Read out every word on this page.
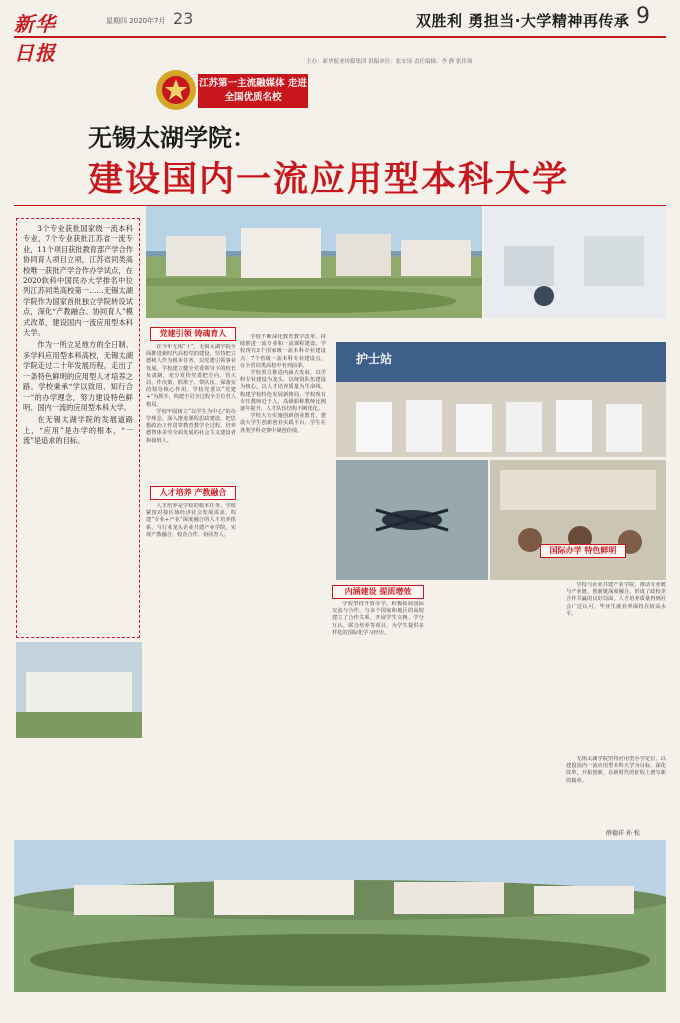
新华日报
星期四 2020年7月 23	双胜利 勇担当·大学精神再传承 9
主办：新华报业传媒集团 供稿单位：张安琦 责任编辑：李 静 张佳琛
江苏第一主流融媒体 走进全国优质名校
无锡太湖学院：
建设国内一流应用型本科大学

3个专业获批国家级一流本科专业，7个专业获批江苏省一流专业，11个项目获批教育部产学合作协同育人项目立项，江苏省同类高校唯一获批产学合作办学试点，在2020软科中国民办大学排名中位列江苏同类高校第一……无锡太湖学院作为国家首批独立学院转设试点，深化“产教融合、协同育人”模式改革，建设国内一流应用型本科大学。

作为一所立足地方的全日制、多学科应用型本科高校，无锡太湖学院走过二十年发展历程，走出了一条特色鲜明的应用型人才培养之路。学校秉承“学以致用、知行合一”的办学理念，努力建设特色鲜明、国内一流的应用型本科大学。

在无锡太湖学院的发展道路上，“应用”是办学的根本，“一流”是追求的目标。

党建引领 铸魂育人

在今年无锡“十”，无锡太湖学院全面推进新时代高校党的建设，坚持把立德树人作为根本任务，以党建引领事业发展。学校建立健全党委领导下的校长负责制，充分发挥党委把方向、管大局、作决策、抓班子、带队伍、保落实的领导核心作用。学校党委以“党建+”为抓手，构建全员全过程全方位育人格局。

学校牢固树立“以学生为中心”的办学理念，深入推进课程思政建设，把思想政治工作贯穿教育教学全过程，培养德智体美劳全面发展的社会主义建设者和接班人。

学校不断深化教育教学改革，持续推进一流专业和一流课程建设。学校现有3个国家级一流本科专业建设点、7个省级一流本科专业建设点，在全省同类高校中名列前茅。

学校着力推进内涵式发展，以学科专业建设为龙头，以师资队伍建设为核心，以人才培养质量为生命线，构建学校特色发展新格局。学校现有专任教师近千人，高级职称教师比例逐年提升，人才队伍结构不断优化。

学校大力实施创新创业教育，建设大学生创新创业实践平台，学生在各类学科竞赛中屡创佳绩。

护士站
人才培养 产教融合

人才培养是学校的根本任务。学校紧密对接区域经济社会发展需求，构建“专业+产业”深度融合的人才培养体系，与行业龙头企业共建产业学院，实现产教融合、校企合作、协同育人。

内涵建设 提质增效

学校坚持开放办学，积极拓展国际交流与合作，与多个国家和地区的高校建立了合作关系，开展学生交换、学分互认、联合培养等项目，为学生提供多样化的国际化学习经历。

国际办学 特色鲜明

学校与企业共建产业学院，推动专业链与产业链、创新链深度融合，形成了政校企合作共赢的良好局面，人才培养质量得到社会广泛认可，毕业生就业率保持在较高水平。

无锡太湖学院坚持应用型办学定位，以建设国内一流应用型本科大学为目标，深化改革、开拓创新，在新时代的征程上谱写新的篇章。

薛德祥 孙 松
